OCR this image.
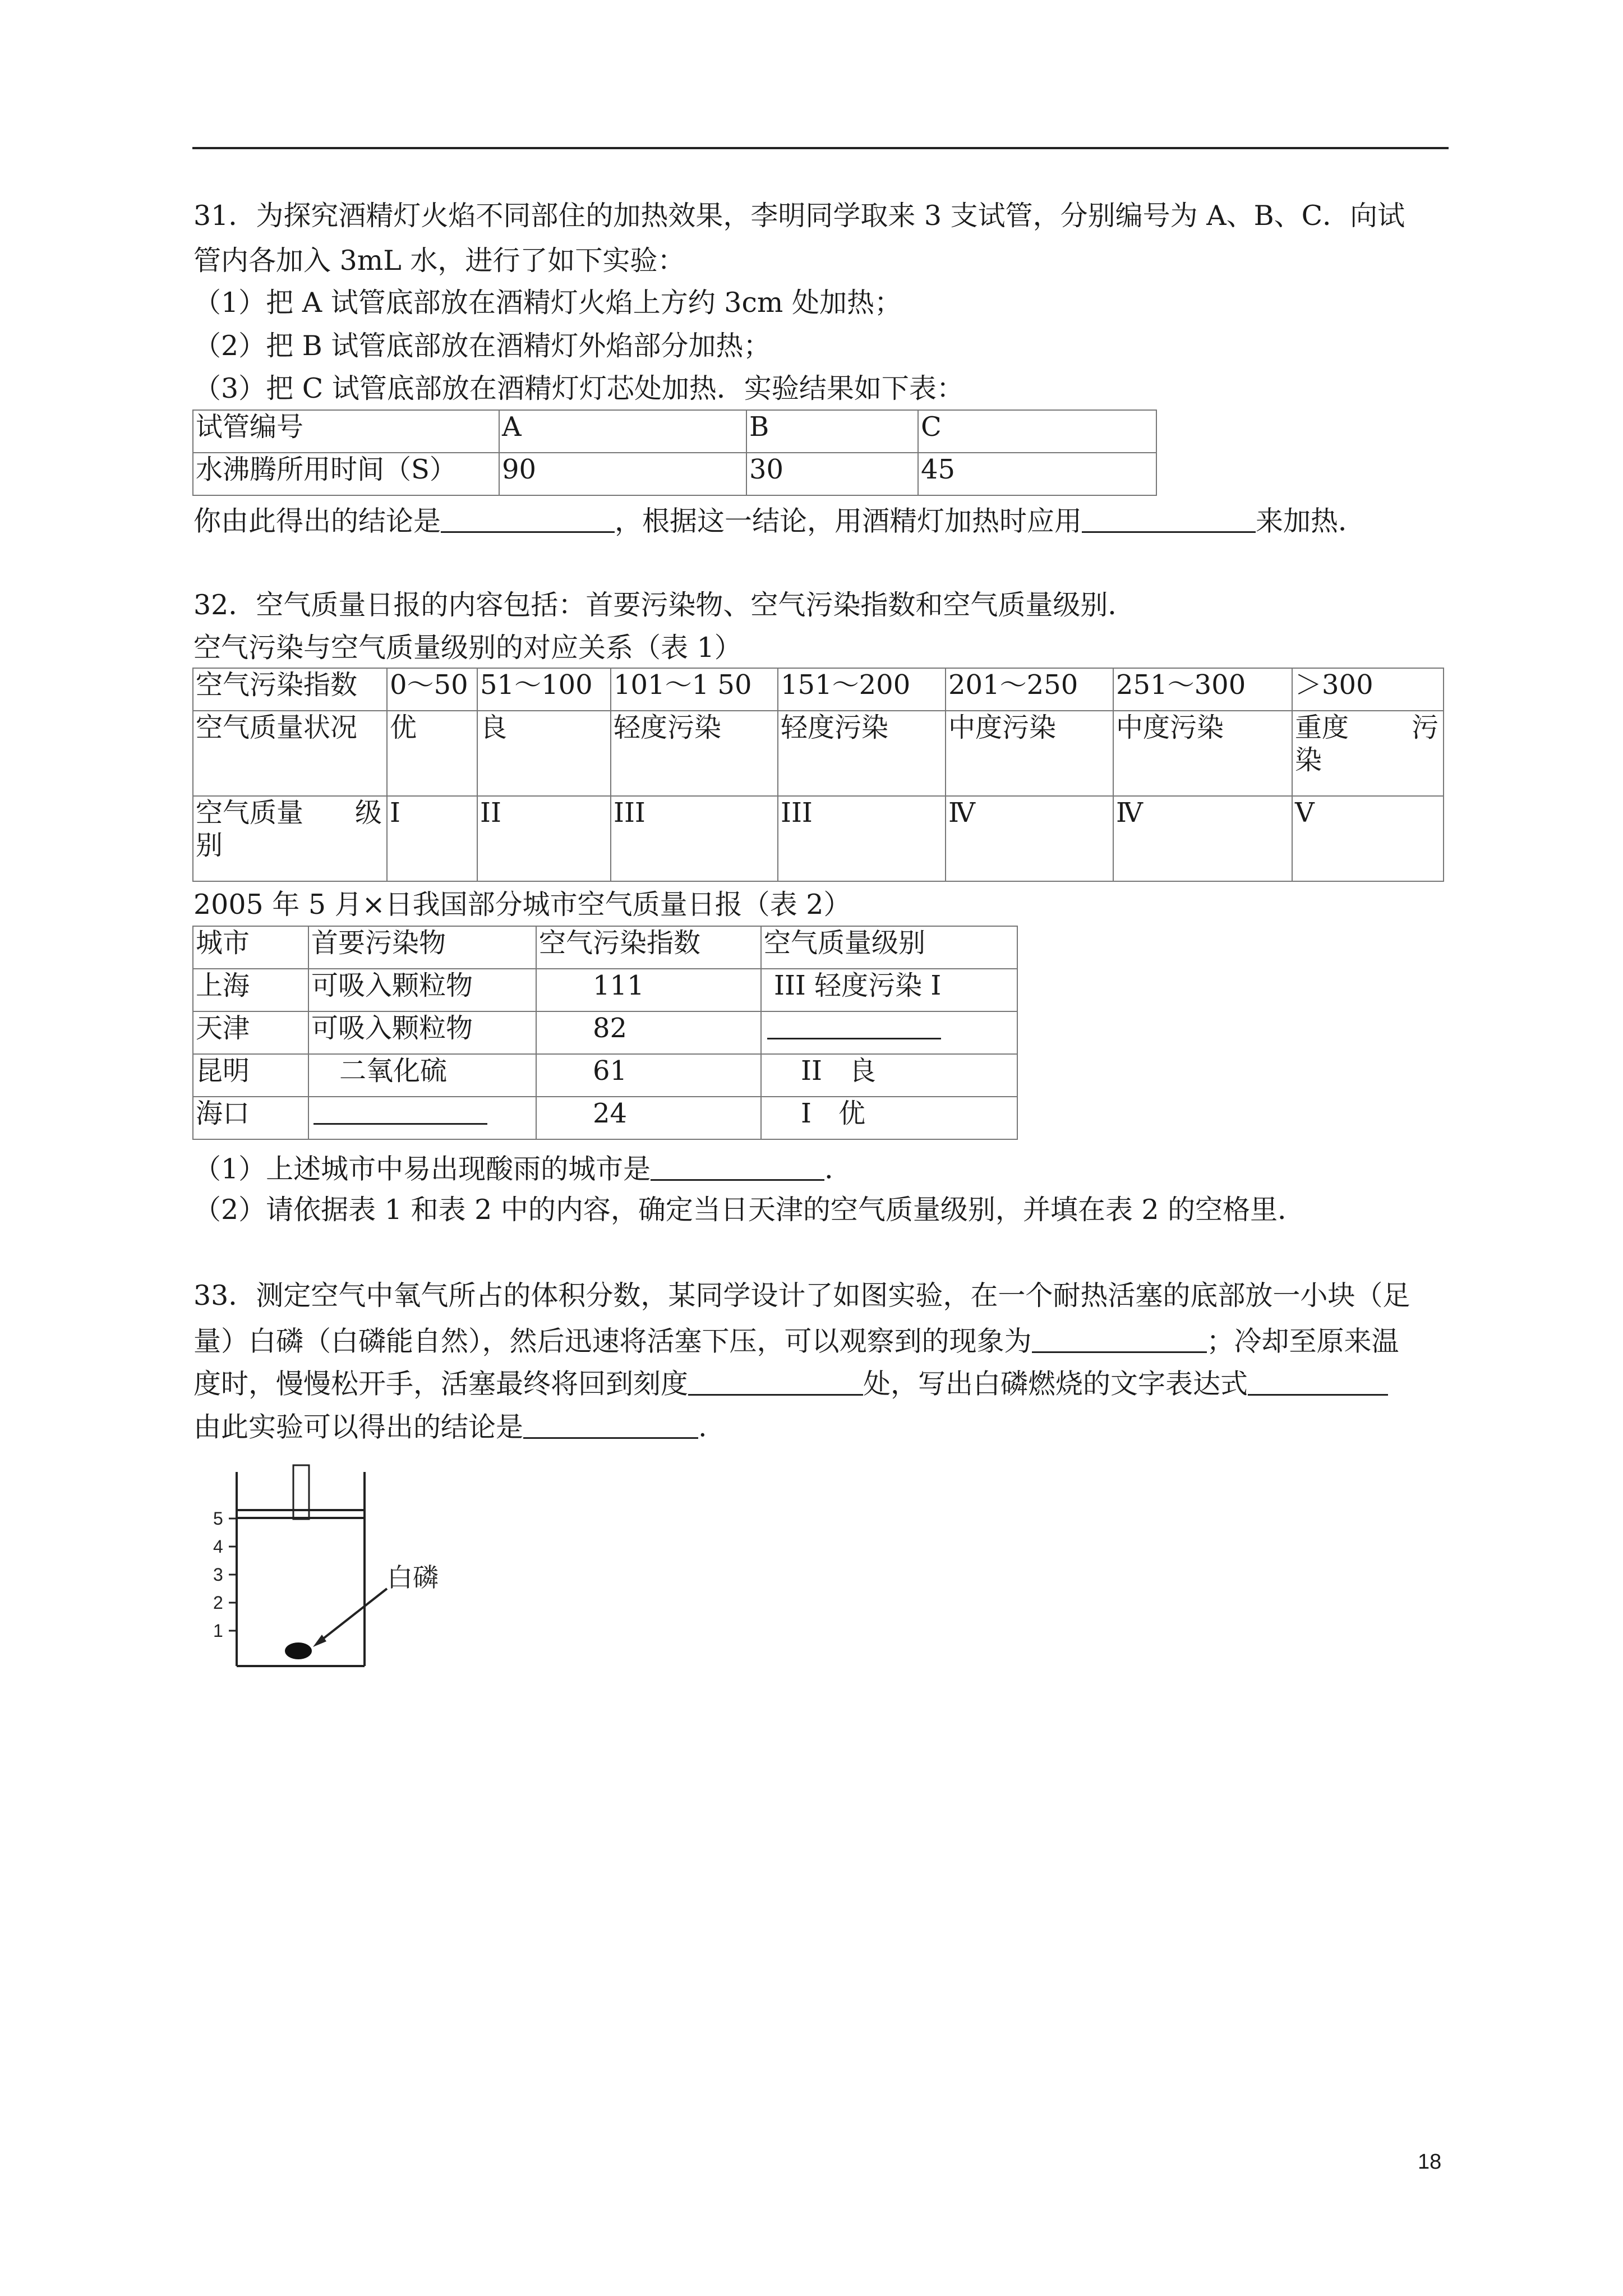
31．为探究酒精灯火焰不同部住的加热效果，李明同学取来 3 支试管，分别编号为 A、B、C．向试
管内各加入 3mL 水，进行了如下实验：
（1）把 A 试管底部放在酒精灯火焰上方约 3cm 处加热；
（2）把 B 试管底部放在酒精灯外焰部分加热；
（3）把 C 试管底部放在酒精灯灯芯处加热．实验结果如下表：
试管编号	A	B	C
水沸腾所用时间（S）	90	30	45
你由此得出的结论是	，根据这一结论，用酒精灯加热时应用	来加热．
32．空气质量日报的内容包括：首要污染物、空气污染指数和空气质量级别．
空气污染与空气质量级别的对应关系（表 1）
空气污染指数	0～50	51～100	101～1 50	151～200	201～250	251～300	＞300
空气质量状况	优	良	轻度污染	轻度污染	中度污染	中度污染	重度 污
染

空气质量 级
别	I	II	III	III	Ⅳ	Ⅳ	V
2005 年 5 月×日我国部分城市空气质量日报（表 2）
城市	首要污染物	空气污染指数	空气质量级别
上海	可吸入颗粒物	111	III 轻度污染 I
天津	可吸入颗粒物	82	
昆明	二氧化硫	61	II　良
海口		24	I　优
（1）上述城市中易出现酸雨的城市是	．
（2）请依据表 1 和表 2 中的内容，确定当日天津的空气质量级别，并填在表 2 的空格里．
33．测定空气中氧气所占的体积分数，某同学设计了如图实验，在一个耐热活塞的底部放一小块（足
量）白磷（白磷能自然），然后迅速将活塞下压，可以观察到的现象为	；冷却至原来温
度时，慢慢松开手，活塞最终将回到刻度	处，写出白磷燃烧的文字表达式
由此实验可以得出的结论是	.
5
4
3
2
1
白磷
18
